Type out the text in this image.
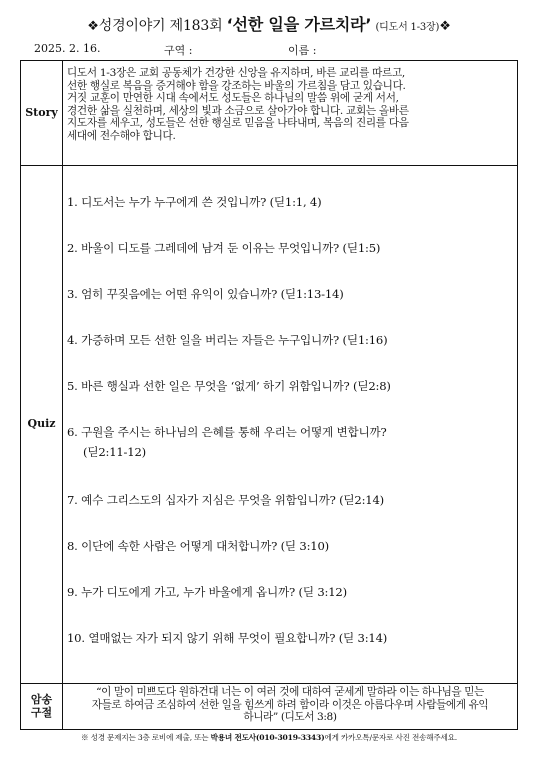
❖성경이야기 제183회 ‘선한 일을 가르치라’ (디도서 1-3장)❖
2025. 2. 16.	구역 :	이름 :
Story
디도서 1-3장은 교회 공동체가 건강한 신앙을 유지하며, 바른 교리를 따르고,
선한 행실로 복음을 증거해야 함을 강조하는 바울의 가르침을 담고 있습니다.
거짓 교훈이 만연한 시대 속에서도 성도들은 하나님의 말씀 위에 굳게 서서,
경건한 삶을 실천하며, 세상의 빛과 소금으로 살아가야 합니다. 교회는 올바른
지도자를 세우고, 성도들은 선한 행실로 믿음을 나타내며, 복음의 진리를 다음
세대에 전수해야 합니다.
Quiz
1. 디도서는 누가 누구에게 쓴 것입니까? (딛1:1, 4)
2. 바울이 디도를 그레데에 남겨 둔 이유는 무엇입니까? (딛1:5)
3. 엄히 꾸짖음에는 어떤 유익이 있습니까? (딛1:13-14)
4. 가증하며 모든 선한 일을 버리는 자들은 누구입니까? (딛1:16)
5. 바른 행실과 선한 일은 무엇을 ‘없게’ 하기 위함입니까? (딛2:8)
6. 구원을 주시는 하나님의 은혜를 통해 우리는 어떻게 변합니까?
(딛2:11-12)
7. 예수 그리스도의 십자가 지심은 무엇을 위함입니까? (딛2:14)
8. 이단에 속한 사람은 어떻게 대처합니까? (딛 3:10)
9. 누가 디도에게 가고, 누가 바울에게 옵니까? (딛 3:12)
10. 열매없는 자가 되지 않기 위해 무엇이 필요합니까? (딛 3:14)
암송
구절
“이 말이 미쁘도다 원하건대 너는 이 여러 것에 대하여 굳세게 말하라 이는 하나님을 믿는
자들로 하여금 조심하여 선한 일을 힘쓰게 하려 함이라 이것은 아름다우며 사람들에게 유익
하니라” (디도서 3:8)
※ 성경 문제지는 3층 로비에 제출, 또는 박용녀 전도사(010-3019-3343)에게 카카오톡/문자로 사진 전송해주세요.
